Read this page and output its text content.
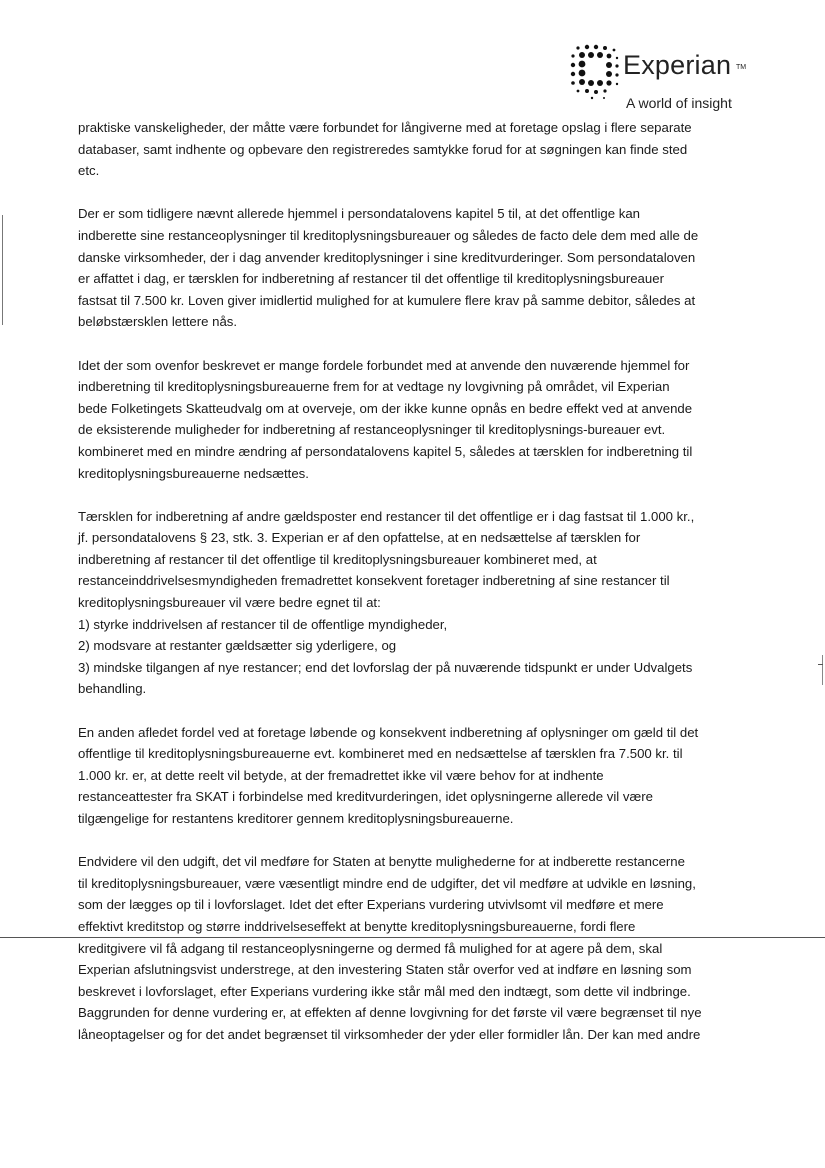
Experian TM
A world of insight

praktiske vanskeligheder, der måtte være forbundet for långiverne med at foretage opslag i flere separate
databaser, samt indhente og opbevare den registreredes samtykke forud for at søgningen kan finde sted
etc.

Der er som tidligere nævnt allerede hjemmel i persondatalovens kapitel 5 til, at det offentlige kan
indberette sine restanceoplysninger til kreditoplysningsbureauer og således de facto dele dem med alle de
danske virksomheder, der i dag anvender kreditoplysninger i sine kreditvurderinger. Som persondataloven
er affattet i dag, er tærsklen for indberetning af restancer til det offentlige til kreditoplysningsbureauer
fastsat til 7.500 kr. Loven giver imidlertid mulighed for at kumulere flere krav på samme debitor, således at
beløbstærsklen lettere nås.

Idet der som ovenfor beskrevet er mange fordele forbundet med at anvende den nuværende hjemmel for
indberetning til kreditoplysningsbureauerne frem for at vedtage ny lovgivning på området, vil Experian
bede Folketingets Skatteudvalg om at overveje, om der ikke kunne opnås en bedre effekt ved at anvende
de eksisterende muligheder for indberetning af restanceoplysninger til kreditoplysnings-bureauer evt.
kombineret med en mindre ændring af persondatalovens kapitel 5, således at tærsklen for indberetning til
kreditoplysningsbureauerne nedsættes.

Tærsklen for indberetning af andre gældsposter end restancer til det offentlige er i dag fastsat til 1.000 kr.,
jf. persondatalovens § 23, stk. 3. Experian er af den opfattelse, at en nedsættelse af tærsklen for
indberetning af restancer til det offentlige til kreditoplysningsbureauer kombineret med, at
restanceinddrivelsesmyndigheden fremadrettet konsekvent foretager indberetning af sine restancer til
kreditoplysningsbureauer vil være bedre egnet til at:
1) styrke inddrivelsen af restancer til de offentlige myndigheder,
2) modsvare at restanter gældsætter sig yderligere, og
3) mindske tilgangen af nye restancer; end det lovforslag der på nuværende tidspunkt er under Udvalgets
behandling.

En anden afledet fordel ved at foretage løbende og konsekvent indberetning af oplysninger om gæld til det
offentlige til kreditoplysningsbureauerne evt. kombineret med en nedsættelse af tærsklen fra 7.500 kr. til
1.000 kr. er, at dette reelt vil betyde, at der fremadrettet ikke vil være behov for at indhente
restanceattester fra SKAT i forbindelse med kreditvurderingen, idet oplysningerne allerede vil være
tilgængelige for restantens kreditorer gennem kreditoplysningsbureauerne.

Endvidere vil den udgift, det vil medføre for Staten at benytte mulighederne for at indberette restancerne
til kreditoplysningsbureauer, være væsentligt mindre end de udgifter, det vil medføre at udvikle en løsning,
som der lægges op til i lovforslaget. Idet det efter Experians vurdering utvivlsomt vil medføre et mere
effektivt kreditstop og større inddrivelseseffekt at benytte kreditoplysningsbureauerne, fordi flere
kreditgivere vil få adgang til restanceoplysningerne og dermed få mulighed for at agere på dem, skal
Experian afslutningsvist understrege, at den investering Staten står overfor ved at indføre en løsning som
beskrevet i lovforslaget, efter Experians vurdering ikke står mål med den indtægt, som dette vil indbringe.
Baggrunden for denne vurdering er, at effekten af denne lovgivning for det første vil være begrænset til nye
låneoptagelser og for det andet begrænset til virksomheder der yder eller formidler lån. Der kan med andre
